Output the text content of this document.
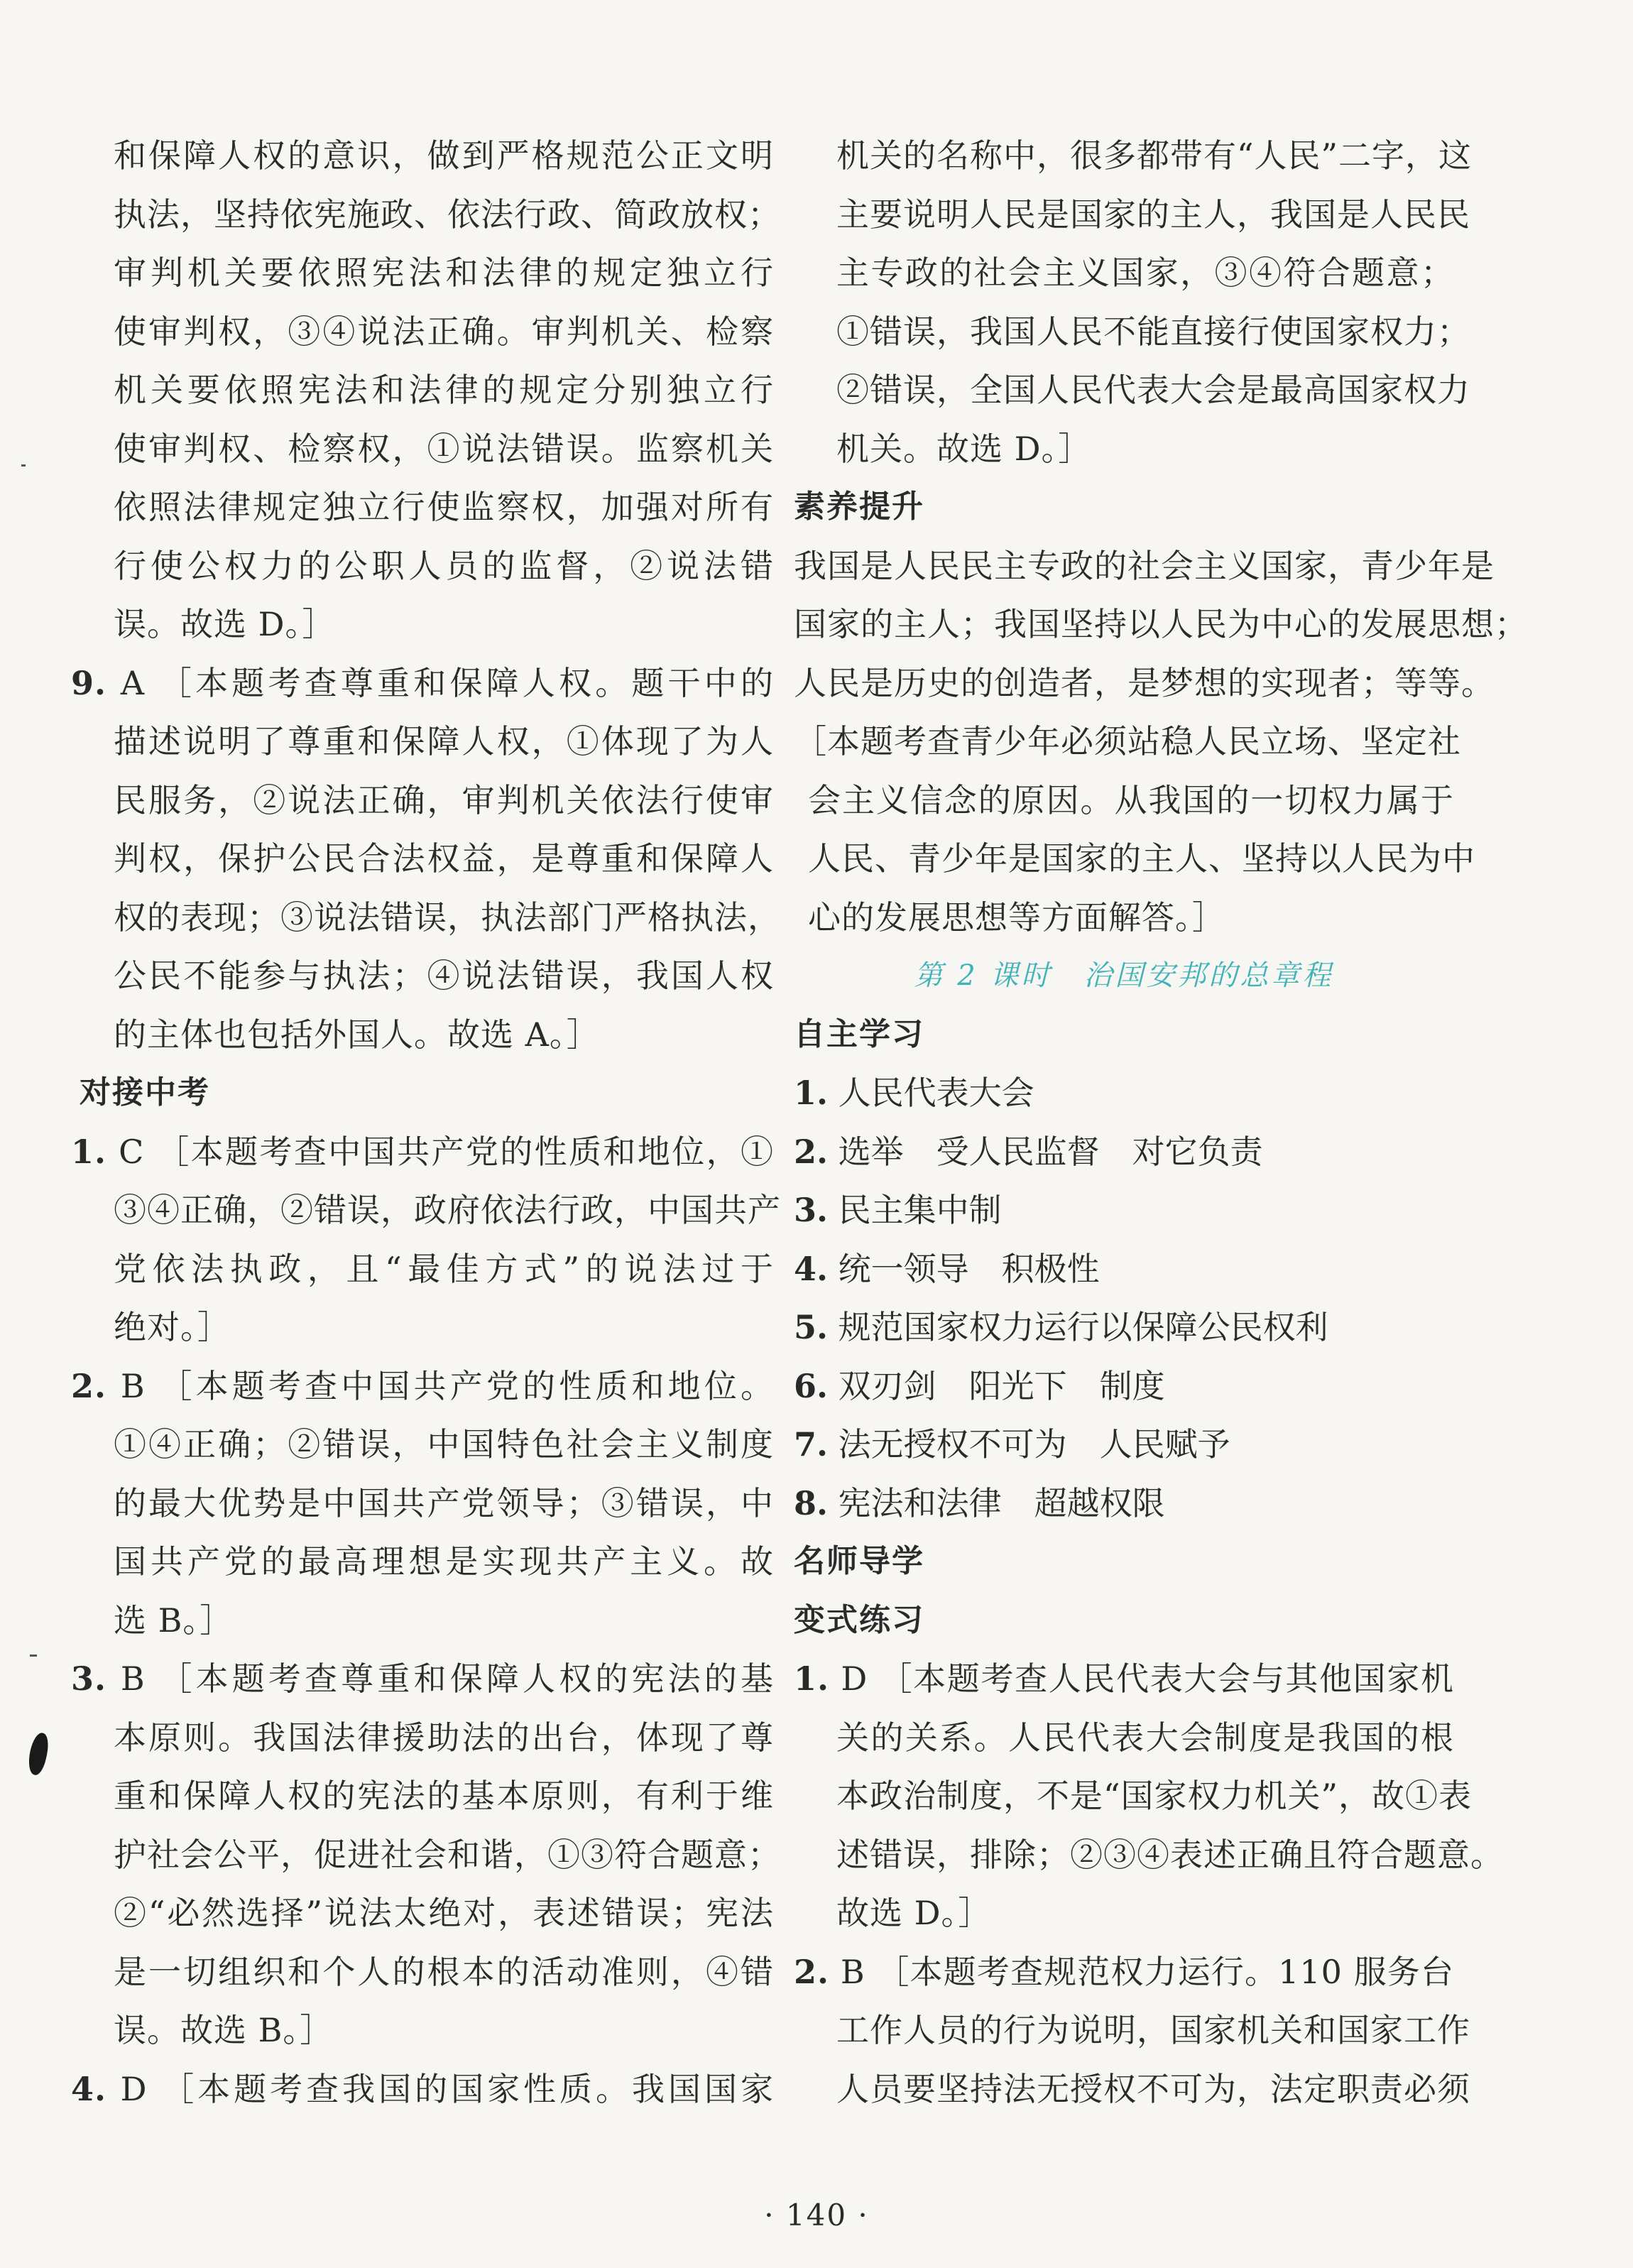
和保障人权的意识，做到严格规范公正文明
执法，坚持依宪施政、依法行政、简政放权；
审判机关要依照宪法和法律的规定独立行
使审判权，③④说法正确。审判机关、检察
机关要依照宪法和法律的规定分别独立行
使审判权、检察权，①说法错误。监察机关
依照法律规定独立行使监察权，加强对所有
行使公权力的公职人员的监督，②说法错
误。故选 D。］
9. A ［本题考查尊重和保障人权。题干中的
描述说明了尊重和保障人权，①体现了为人
民服务，②说法正确，审判机关依法行使审
判权，保护公民合法权益，是尊重和保障人
权的表现；③说法错误，执法部门严格执法，
公民不能参与执法；④说法错误，我国人权
的主体也包括外国人。故选 A。］
对接中考
1. C ［本题考查中国共产党的性质和地位，①
③④正确，②错误，政府依法行政，中国共产
党依法执政，且“最佳方式”的说法过于
绝对。］
2. B ［本题考查中国共产党的性质和地位。
①④正确；②错误，中国特色社会主义制度
的最大优势是中国共产党领导；③错误，中
国共产党的最高理想是实现共产主义。故
选 B。］
3. B ［本题考查尊重和保障人权的宪法的基
本原则。我国法律援助法的出台，体现了尊
重和保障人权的宪法的基本原则，有利于维
护社会公平，促进社会和谐，①③符合题意；
②“必然选择”说法太绝对，表述错误；宪法
是一切组织和个人的根本的活动准则，④错
误。故选 B。］
4. D ［本题考查我国的国家性质。我国国家
机关的名称中，很多都带有“人民”二字，这
主要说明人民是国家的主人，我国是人民民
主专政的社会主义国家，③④符合题意；
①错误，我国人民不能直接行使国家权力；
②错误，全国人民代表大会是最高国家权力
机关。故选 D。］
素养提升
我国是人民民主专政的社会主义国家，青少年是
国家的主人；我国坚持以人民为中心的发展思想；
人民是历史的创造者，是梦想的实现者；等等。
［本题考查青少年必须站稳人民立场、坚定社
会主义信念的原因。从我国的一切权力属于
人民、青少年是国家的主人、坚持以人民为中
心的发展思想等方面解答。］
第 2 课时　治国安邦的总章程
自主学习
1. 人民代表大会
2. 选举　受人民监督　对它负责
3. 民主集中制
4. 统一领导　积极性
5. 规范国家权力运行以保障公民权利
6. 双刃剑　阳光下　制度
7. 法无授权不可为　人民赋予
8. 宪法和法律　超越权限
名师导学
变式练习
1. D ［本题考查人民代表大会与其他国家机
关的关系。人民代表大会制度是我国的根
本政治制度，不是“国家权力机关”，故①表
述错误，排除；②③④表述正确且符合题意。
故选 D。］
2. B ［本题考查规范权力运行。110 服务台
工作人员的行为说明，国家机关和国家工作
人员要坚持法无授权不可为，法定职责必须
· 140 ·
